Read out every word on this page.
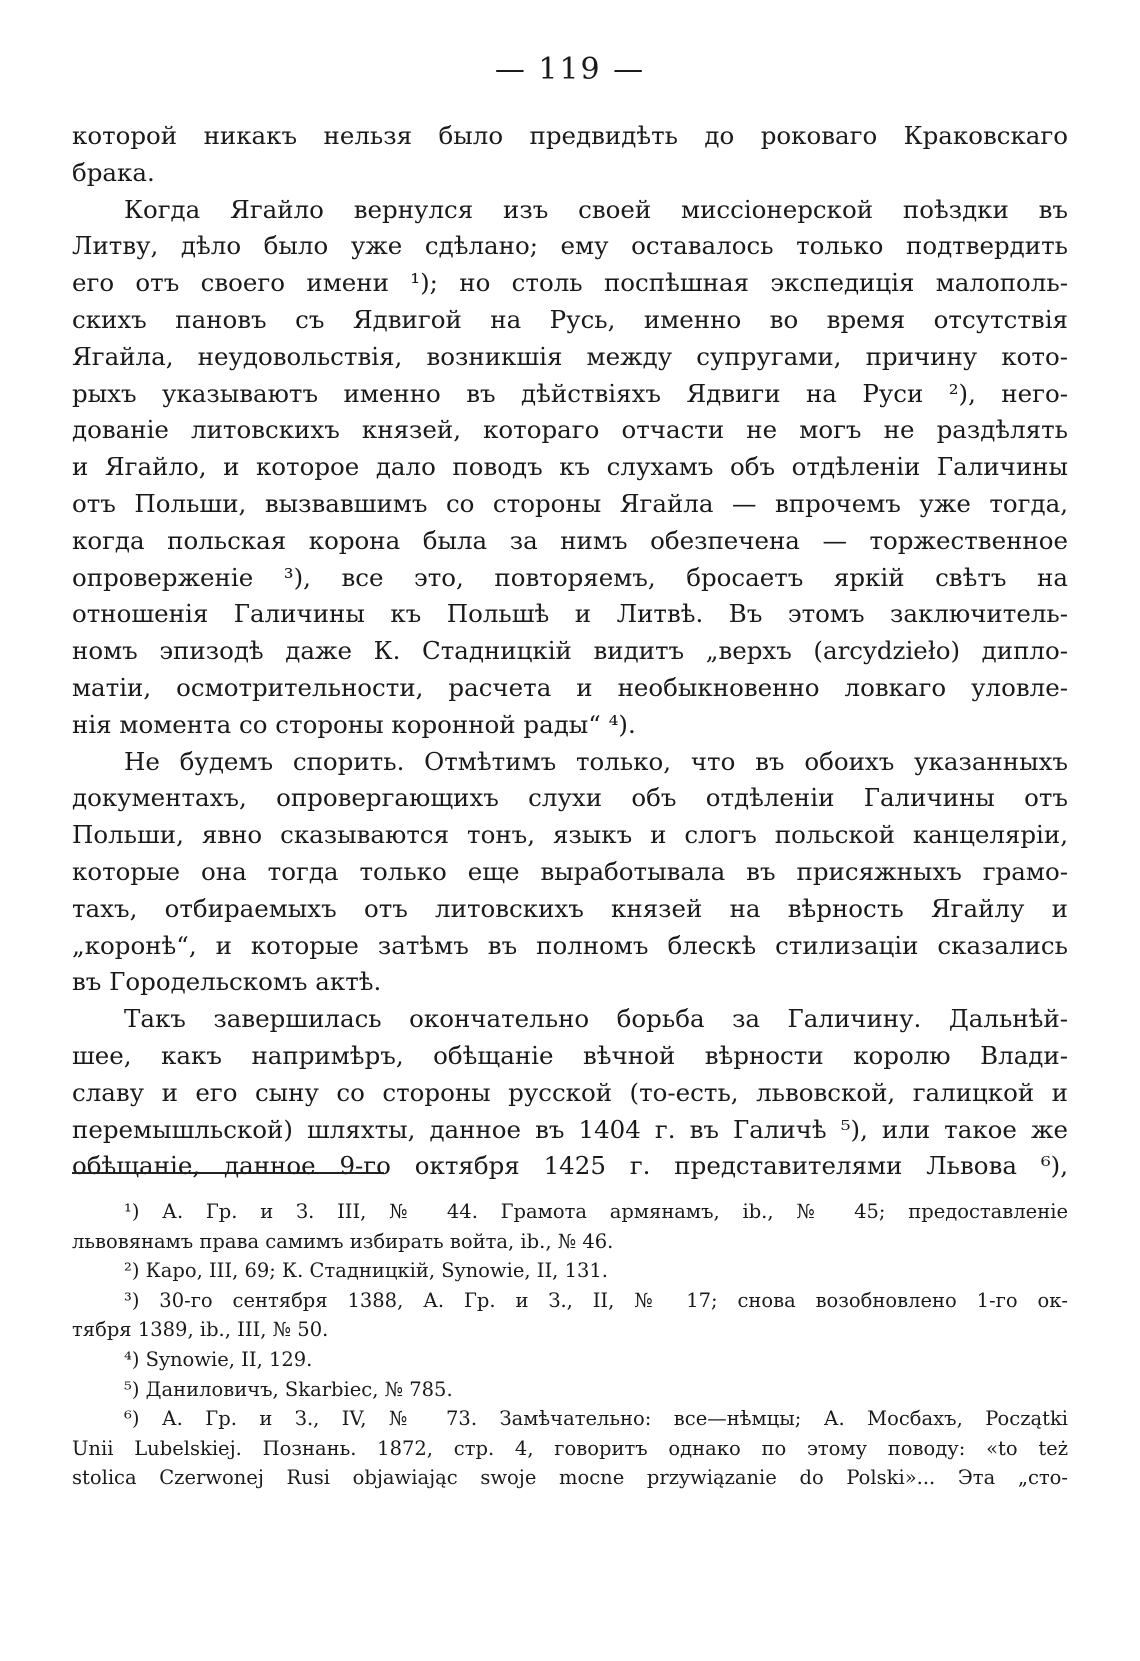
— 119 —
которой никакъ нельзя было предвидѣть до роковаго Краковскаго
брака.
Когда Ягайло вернулся изъ своей миссіонерской поѣздки въ
Литву, дѣло было уже сдѣлано; ему оставалось только подтвердить
его отъ своего имени ¹); но столь поспѣшная экспедиція малополь-
скихъ пановъ съ Ядвигой на Русь, именно во время отсутствія
Ягайла, неудовольствія, возникшія между супругами, причину кото-
рыхъ указываютъ именно въ дѣйствіяхъ Ядвиги на Руси ²), него-
дованіе литовскихъ князей, котораго отчасти не могъ не раздѣлять
и Ягайло, и которое дало поводъ къ слухамъ объ отдѣленіи Галичины
отъ Польши, вызвавшимъ со стороны Ягайла — впрочемъ уже тогда,
когда польская корона была за нимъ обезпечена — торжественное
опроверженіе ³), все это, повторяемъ, бросаетъ яркій свѣтъ на
отношенія Галичины къ Польшѣ и Литвѣ. Въ этомъ заключитель-
номъ эпизодѣ даже К. Стадницкій видитъ „верхъ (arcydzieło) дипло-
матіи, осмотрительности, расчета и необыкновенно ловкаго уловле-
нія момента со стороны коронной рады“ ⁴).
Не будемъ спорить. Отмѣтимъ только, что въ обоихъ указанныхъ
документахъ, опровергающихъ слухи объ отдѣленіи Галичины отъ
Польши, явно сказываются тонъ, языкъ и слогъ польской канцеляріи,
которые она тогда только еще выработывала въ присяжныхъ грамо-
тахъ, отбираемыхъ отъ литовскихъ князей на вѣрность Ягайлу и
„коронѣ“, и которые затѣмъ въ полномъ блескѣ стилизаціи сказались
въ Городельскомъ актѣ.
Такъ завершилась окончательно борьба за Галичину. Дальнѣй-
шее, какъ напримѣръ, обѣщаніе вѣчной вѣрности королю Влади-
славу и его сыну со стороны русской (то-есть, львовской, галицкой и
перемышльской) шляхты, данное въ 1404 г. въ Галичѣ ⁵), или такое же
обѣщаніе, данное 9-го октября 1425 г. представителями Львова ⁶),
¹) А. Гр. и З. III, № 44. Грамота армянамъ, ib., № 45; предоставленіе
львовянамъ права самимъ избирать войта, ib., № 46.
²) Каро, III, 69; К. Стадницкій, Synowie, II, 131.
³) 30-го сентября 1388, А. Гр. и З., II, № 17; снова возобновлено 1-го ок-
тября 1389, ib., III, № 50.
⁴) Synowie, II, 129.
⁵) Даниловичъ, Skarbiec, № 785.
⁶) А. Гр. и З., IV, № 73. Замѣчательно: все—нѣмцы; А. Мосбахъ, Początki
Unii Lubelskiej. Познань. 1872, стр. 4, говоритъ однако по этому поводу: «to też
stolica Czerwonej Rusi objawiając swoje mocne przywiązanie do Polski»... Эта „сто-
